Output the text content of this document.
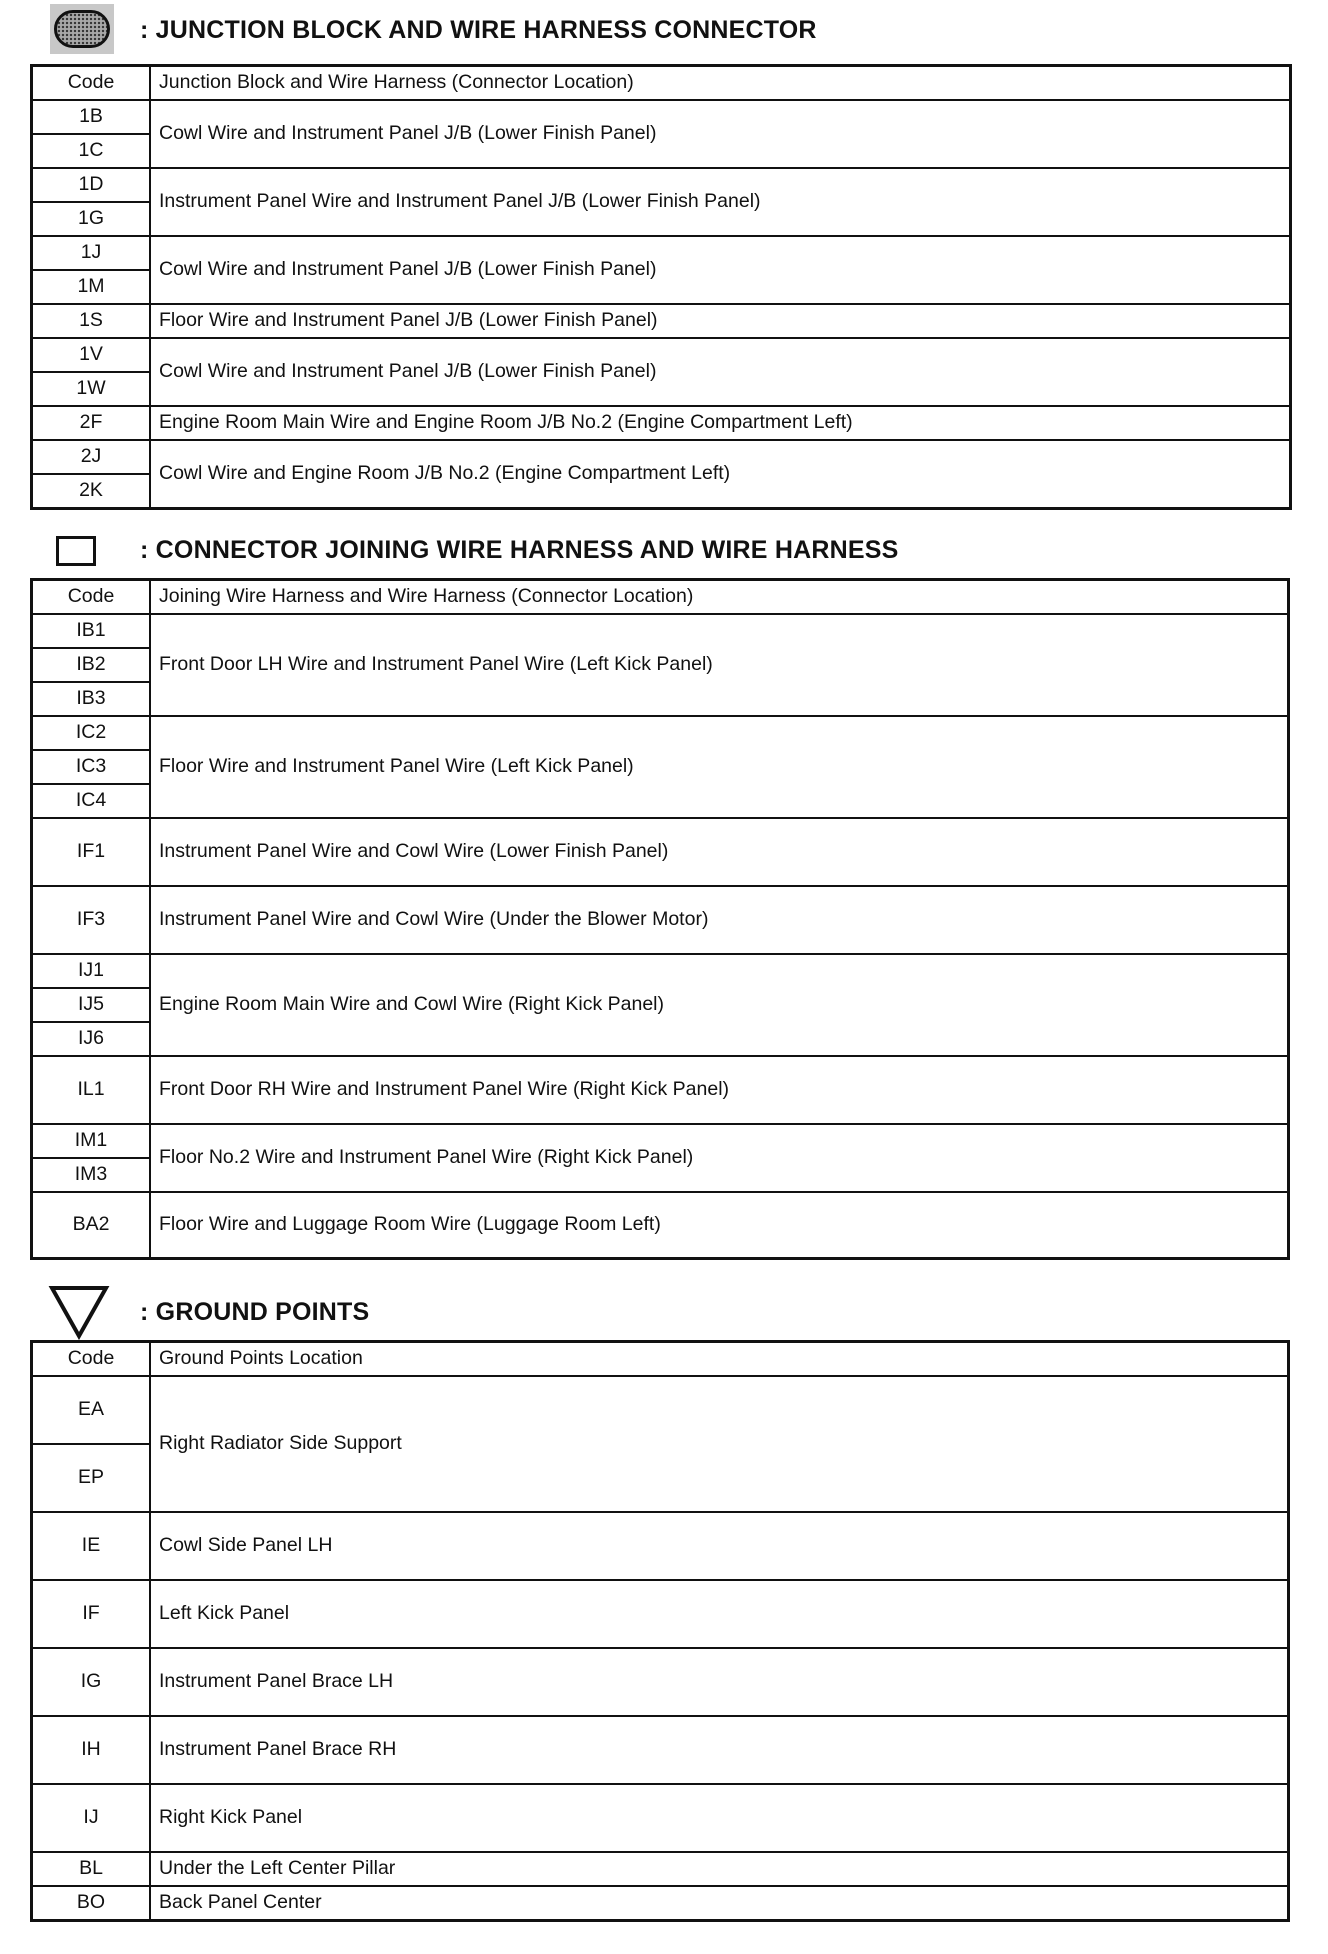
: JUNCTION BLOCK AND WIRE HARNESS CONNECTOR
Code	Junction Block and Wire Harness (Connector Location)
1B	Cowl Wire and Instrument Panel J/B (Lower Finish Panel)
1C	
1D	Instrument Panel Wire and Instrument Panel J/B (Lower Finish Panel)
1G	
1J	Cowl Wire and Instrument Panel J/B (Lower Finish Panel)
1M	
1S	Floor Wire and Instrument Panel J/B (Lower Finish Panel)
1V	Cowl Wire and Instrument Panel J/B (Lower Finish Panel)
1W	
2F	Engine Room Main Wire and Engine Room J/B No.2 (Engine Compartment Left)
2J	Cowl Wire and Engine Room J/B No.2 (Engine Compartment Left)
2K	
: CONNECTOR JOINING WIRE HARNESS AND WIRE HARNESS
Code	Joining Wire Harness and Wire Harness (Connector Location)
IB1	Front Door LH Wire and Instrument Panel Wire (Left Kick Panel)
IB2	
IB3	
IC2	Floor Wire and Instrument Panel Wire (Left Kick Panel)
IC3	
IC4	
IF1	Instrument Panel Wire and Cowl Wire (Lower Finish Panel)
IF3	Instrument Panel Wire and Cowl Wire (Under the Blower Motor)
IJ1	Engine Room Main Wire and Cowl Wire (Right Kick Panel)
IJ5	
IJ6	
IL1	Front Door RH Wire and Instrument Panel Wire (Right Kick Panel)
IM1	Floor No.2 Wire and Instrument Panel Wire (Right Kick Panel)
IM3	
BA2	Floor Wire and Luggage Room Wire (Luggage Room Left)
: GROUND POINTS
Code	Ground Points Location
EA	Right Radiator Side Support
EP	
IE	Cowl Side Panel LH
IF	Left Kick Panel
IG	Instrument Panel Brace LH
IH	Instrument Panel Brace RH
IJ	Right Kick Panel
BL	Under the Left Center Pillar
BO	Back Panel Center
